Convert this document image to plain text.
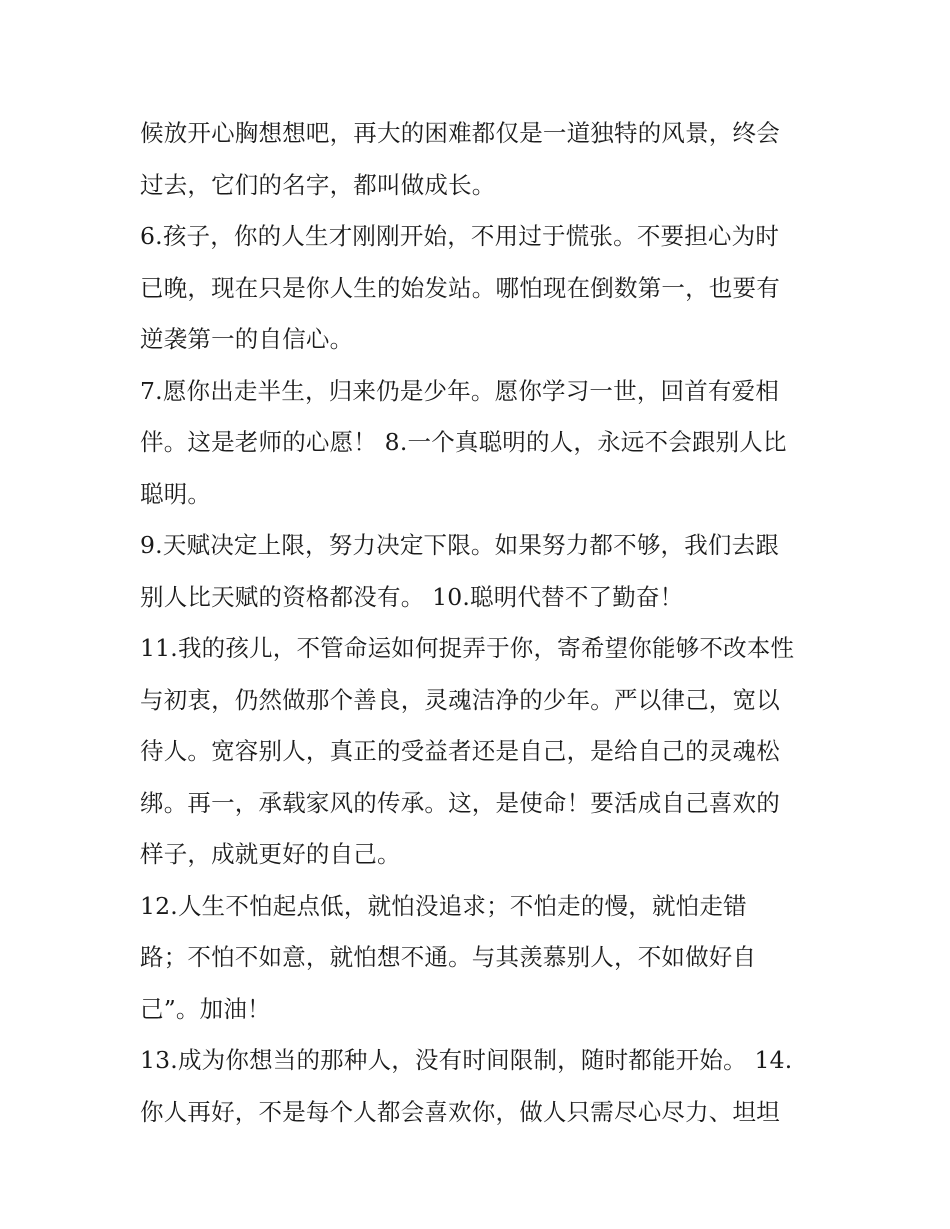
候放开心胸想想吧，再大的困难都仅是一道独特的风景，终会
过去，它们的名字，都叫做成长。
6.孩子，你的人生才刚刚开始，不用过于慌张。不要担心为时
已晚，现在只是你人生的始发站。哪怕现在倒数第一，也要有
逆袭第一的自信心。
7.愿你出走半生，归来仍是少年。愿你学习一世，回首有爱相
伴。这是老师的心愿！ 8.一个真聪明的人，永远不会跟别人比
聪明。
9.天赋决定上限，努力决定下限。如果努力都不够，我们去跟
别人比天赋的资格都没有。 10.聪明代替不了勤奋！
11.我的孩儿，不管命运如何捉弄于你，寄希望你能够不改本性
与初衷，仍然做那个善良，灵魂洁净的少年。严以律己，宽以
待人。宽容别人，真正的受益者还是自己，是给自己的灵魂松
绑。再一，承载家风的传承。这，是使命！要活成自己喜欢的
样子，成就更好的自己。
12.人生不怕起点低，就怕没追求；不怕走的慢，就怕走错
路；不怕不如意，就怕想不通。与其羡慕别人，不如做好自
己”。加油！
13.成为你想当的那种人，没有时间限制，随时都能开始。 14.
你人再好，不是每个人都会喜欢你，做人只需尽心尽力、坦坦
